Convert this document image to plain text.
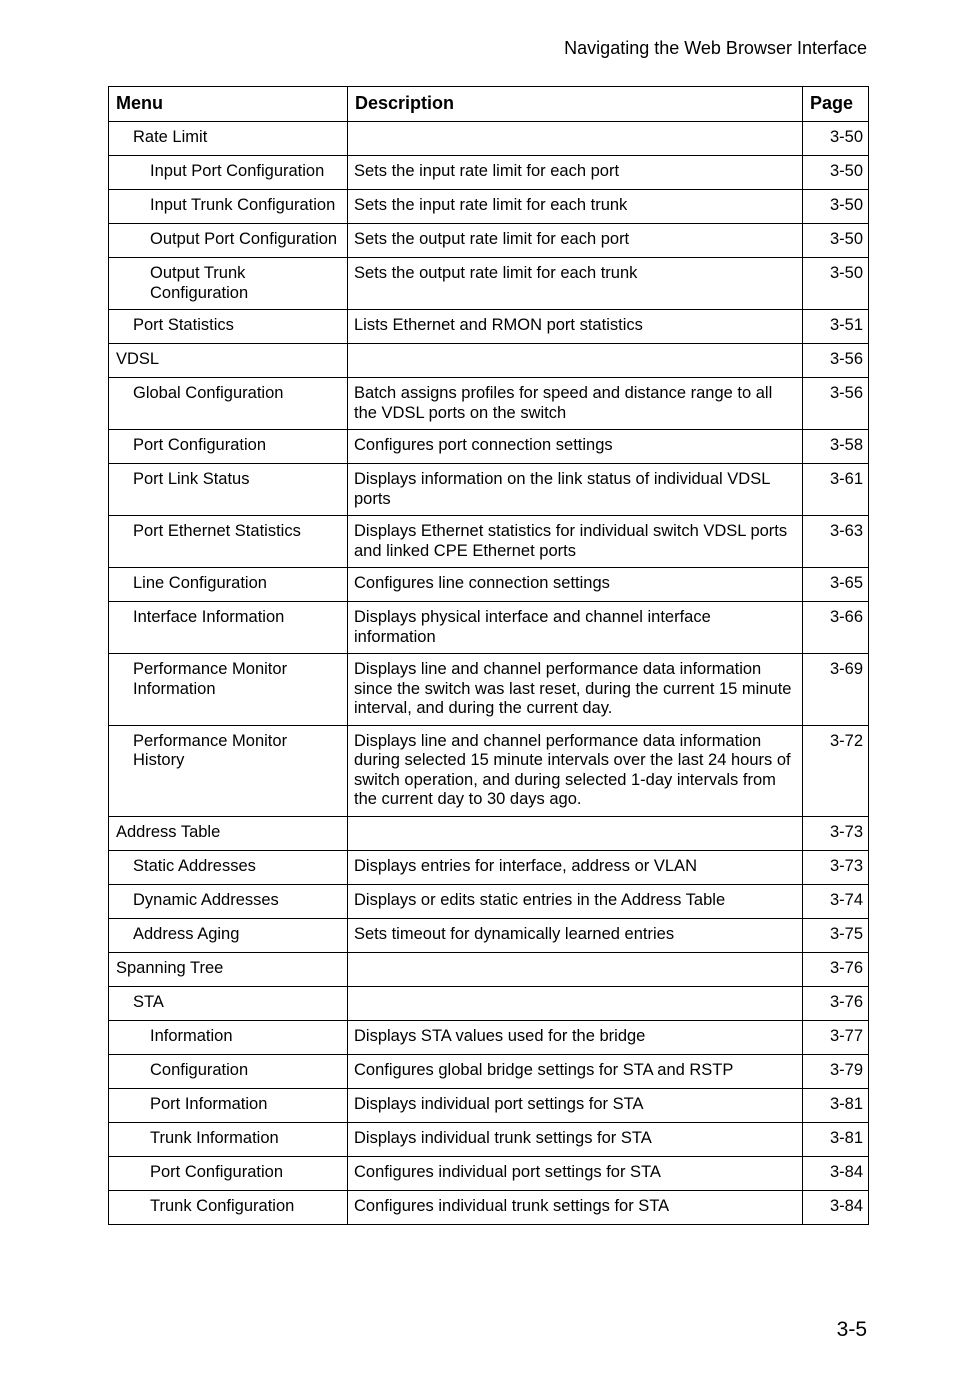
Navigating the Web Browser Interface
Menu	Description	Page
Rate Limit		3-50
Input Port Configuration	Sets the input rate limit for each port	3-50
Input Trunk Configuration	Sets the input rate limit for each trunk	3-50
Output Port Configuration	Sets the output rate limit for each port	3-50
Output Trunk Configuration	Sets the output rate limit for each trunk	3-50
Port Statistics	Lists Ethernet and RMON port statistics	3-51
VDSL		3-56
Global Configuration	Batch assigns profiles for speed and distance range to all the VDSL ports on the switch	3-56
Port Configuration	Configures port connection settings	3-58
Port Link Status	Displays information on the link status of individual VDSL ports	3-61
Port Ethernet Statistics	Displays Ethernet statistics for individual switch VDSL ports and linked CPE Ethernet ports	3-63
Line Configuration	Configures line connection settings	3-65
Interface Information	Displays physical interface and channel interface information	3-66
Performance Monitor Information	Displays line and channel performance data information since the switch was last reset, during the current 15 minute interval, and during the current day.	3-69
Performance Monitor History	Displays line and channel performance data information during selected 15 minute intervals over the last 24 hours of switch operation, and during selected 1-day intervals from the current day to 30 days ago.	3-72
Address Table		3-73
Static Addresses	Displays entries for interface, address or VLAN	3-73
Dynamic Addresses	Displays or edits static entries in the Address Table	3-74
Address Aging	Sets timeout for dynamically learned entries	3-75
Spanning Tree		3-76
STA		3-76
Information	Displays STA values used for the bridge	3-77
Configuration	Configures global bridge settings for STA and RSTP	3-79
Port Information	Displays individual port settings for STA	3-81
Trunk Information	Displays individual trunk settings for STA	3-81
Port Configuration	Configures individual port settings for STA	3-84
Trunk Configuration	Configures individual trunk settings for STA	3-84
3-5
